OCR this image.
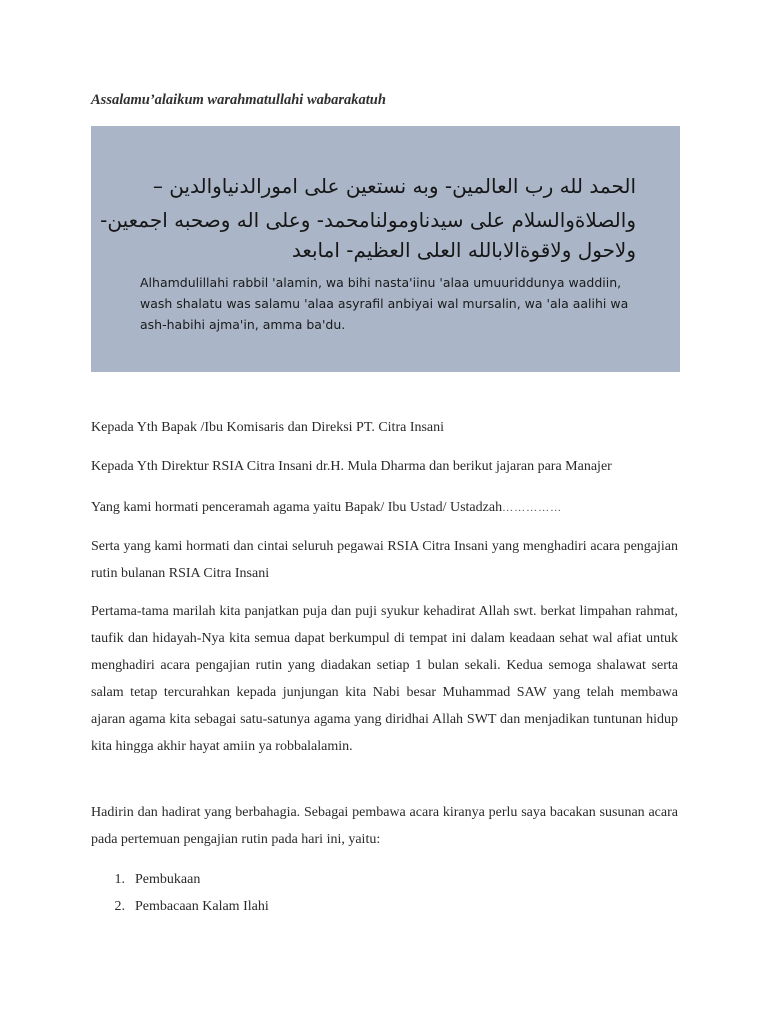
Assalamu’alaikum warahmatullahi wabarakatuh

الحمد لله رب العالمين- وبه نستعين على امورالدنياوالدين –

والصلاةوالسلام على سيدناومولنامحمد- وعلى اله وصحبه اجمعين-

ولاحول ولاقوةالابالله العلى العظيم- امابعد

Alhamdulillahi rabbil 'alamin, wa bihi nasta'iinu 'alaa umuuriddunya waddiin, wash shalatu was salamu 'alaa asyrafil anbiyai wal mursalin, wa 'ala aalihi wa ash-habihi ajma'in, amma ba'du.

Kepada Yth Bapak /Ibu Komisaris dan Direksi PT. Citra Insani

Kepada Yth Direktur RSIA Citra Insani dr.H. Mula Dharma dan berikut jajaran para Manajer

Yang kami hormati penceramah agama yaitu Bapak/ Ibu Ustad/ Ustadzah……………

Serta yang kami hormati dan cintai seluruh pegawai RSIA Citra Insani yang menghadiri acara pengajian rutin bulanan RSIA Citra Insani

Pertama-tama marilah kita panjatkan puja dan puji syukur kehadirat Allah swt. berkat limpahan rahmat, taufik dan hidayah-Nya kita semua dapat berkumpul di tempat ini dalam keadaan sehat wal afiat untuk menghadiri acara pengajian rutin yang diadakan setiap 1 bulan sekali. Kedua semoga shalawat serta salam tetap tercurahkan kepada junjungan kita Nabi besar Muhammad SAW yang telah membawa ajaran agama kita sebagai satu-satunya agama yang diridhai Allah SWT dan menjadikan tuntunan hidup kita hingga akhir hayat amiin ya robbalalamin.

Hadirin dan hadirat yang berbahagia. Sebagai pembawa acara kiranya perlu saya bacakan susunan acara pada pertemuan pengajian rutin pada hari ini, yaitu:

1. Pembukaan
2. Pembacaan Kalam Ilahi
